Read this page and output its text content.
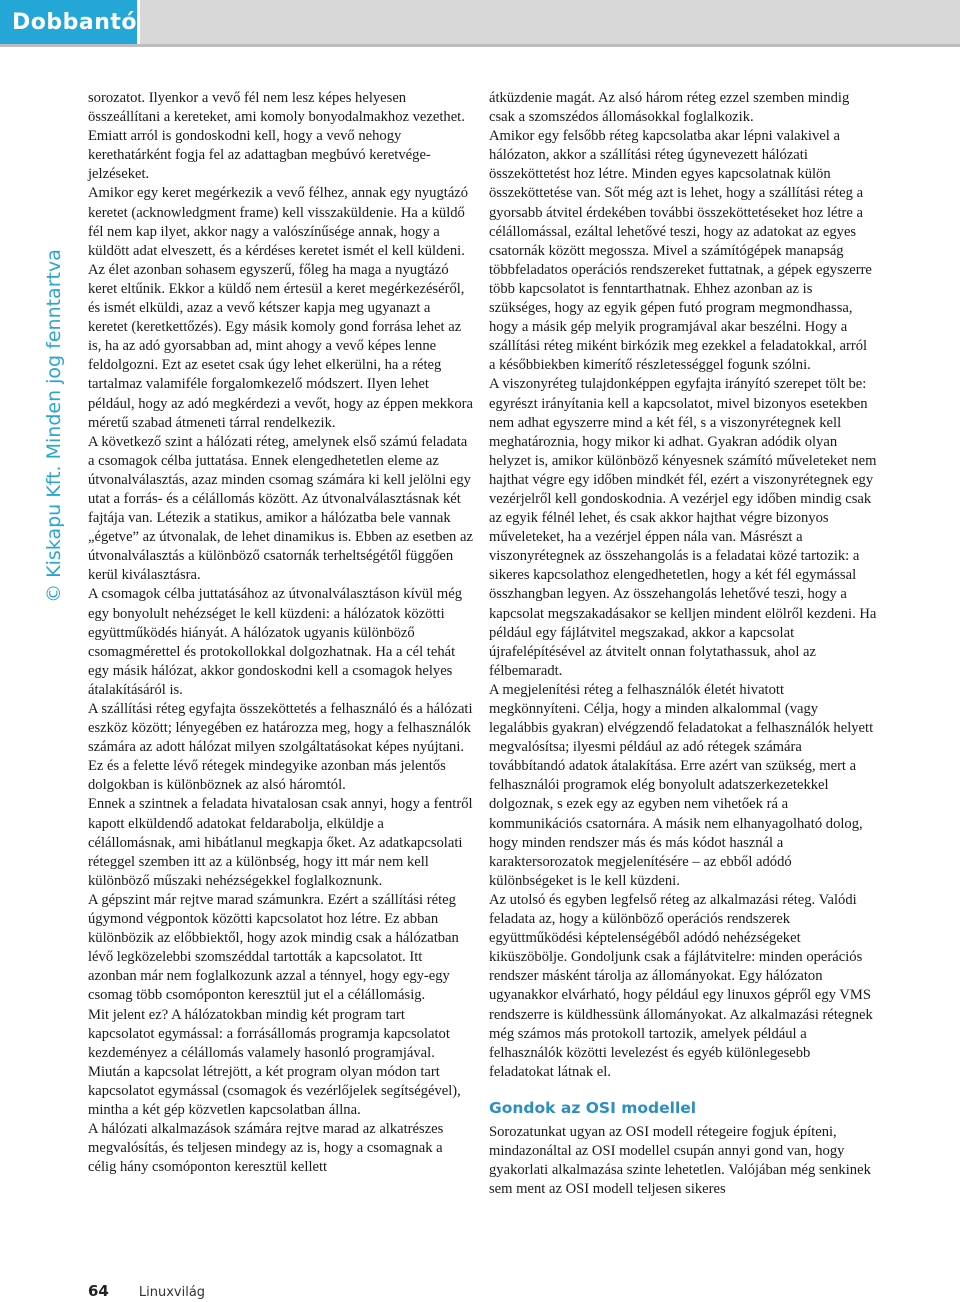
Dobbantó
© Kiskapu Kft. Minden jog fenntartva

sorozatot. Ilyenkor a vevő fél nem lesz képes helyesen összeállítani a kereteket, ami komoly bonyodalmakhoz vezethet. Emiatt arról is gondoskodni kell, hogy a vevő nehogy kerethatárként fogja fel az adattagban megbúvó keretvége-jelzéseket.

Amikor egy keret megérkezik a vevő félhez, annak egy nyugtázó keretet (acknowledgment frame) kell visszaküldenie. Ha a küldő fél nem kap ilyet, akkor nagy a valószínűsége annak, hogy a küldött adat elveszett, és a kérdéses keretet ismét el kell küldeni. Az élet azonban sohasem egyszerű, főleg ha maga a nyugtázó keret eltűnik. Ekkor a küldő nem értesül a keret megérkezéséről, és ismét elküldi, azaz a vevő kétszer kapja meg ugyanazt a keretet (keretkettőzés). Egy másik komoly gond forrása lehet az is, ha az adó gyorsabban ad, mint ahogy a vevő képes lenne feldolgozni. Ezt az esetet csak úgy lehet elkerülni, ha a réteg tartalmaz valamiféle forgalomkezelő módszert. Ilyen lehet például, hogy az adó megkérdezi a vevőt, hogy az éppen mekkora méretű szabad átmeneti tárral rendelkezik.

A következő szint a hálózati réteg, amelynek első számú feladata a csomagok célba juttatása. Ennek elengedhetetlen eleme az útvonalválasztás, azaz minden csomag számára ki kell jelölni egy utat a forrás- és a célállomás között. Az útvonalválasztásnak két fajtája van. Létezik a statikus, amikor a hálózatba bele vannak „égetve” az útvonalak, de lehet dinamikus is. Ebben az esetben az útvonalválasztás a különböző csatornák terheltségétől függően kerül kiválasztásra.

A csomagok célba juttatásához az útvonalválasztáson kívül még egy bonyolult nehézséget le kell küzdeni: a hálózatok közötti együttműködés hiányát. A hálózatok ugyanis különböző csomagmérettel és protokollokkal dolgozhatnak. Ha a cél tehát egy másik hálózat, akkor gondoskodni kell a csomagok helyes átalakításáról is.

A szállítási réteg egyfajta összeköttetés a felhasználó és a hálózati eszköz között; lényegében ez határozza meg, hogy a felhasználók számára az adott hálózat milyen szolgáltatásokat képes nyújtani. Ez és a felette lévő rétegek mindegyike azonban más jelentős dolgokban is különböznek az alsó háromtól.

Ennek a szintnek a feladata hivatalosan csak annyi, hogy a fentről kapott elküldendő adatokat feldarabolja, elküldje a célállomásnak, ami hibátlanul megkapja őket. Az adatkapcsolati réteggel szemben itt az a különbség, hogy itt már nem kell különböző műszaki nehézségekkel foglalkoznunk.

A gépszint már rejtve marad számunkra. Ezért a szállítási réteg úgymond végpontok közötti kapcsolatot hoz létre. Ez abban különbözik az előbbiektől, hogy azok mindig csak a hálózatban lévő legközelebbi szomszéddal tartották a kapcsolatot. Itt azonban már nem foglalkozunk azzal a ténnyel, hogy egy-egy csomag több csomóponton keresztül jut el a célállomásig.

Mit jelent ez? A hálózatokban mindig két program tart kapcsolatot egymással: a forrásállomás programja kapcsolatot kezdeményez a célállomás valamely hasonló programjával. Miután a kapcsolat létrejött, a két program olyan módon tart kapcsolatot egymással (csomagok és vezérlőjelek segítségével), mintha a két gép közvetlen kapcsolatban állna.

A hálózati alkalmazások számára rejtve marad az alkatrészes megvalósítás, és teljesen mindegy az is, hogy a csomagnak a célig hány csomóponton keresztül kellett

átküzdenie magát. Az alsó három réteg ezzel szemben mindig csak a szomszédos állomásokkal foglalkozik.

Amikor egy felsőbb réteg kapcsolatba akar lépni valakivel a hálózaton, akkor a szállítási réteg úgynevezett hálózati összeköttetést hoz létre. Minden egyes kapcsolatnak külön összeköttetése van. Sőt még azt is lehet, hogy a szállítási réteg a gyorsabb átvitel érdekében további összeköttetéseket hoz létre a célállomással, ezáltal lehetővé teszi, hogy az adatokat az egyes csatornák között megossza. Mivel a számítógépek manapság többfeladatos operációs rendszereket futtatnak, a gépek egyszerre több kapcsolatot is fenntarthatnak. Ehhez azonban az is szükséges, hogy az egyik gépen futó program megmondhassa, hogy a másik gép melyik programjával akar beszélni. Hogy a szállítási réteg miként birkózik meg ezekkel a feladatokkal, arról a későbbiekben kimerítő részletességgel fogunk szólni.

A viszonyréteg tulajdonképpen egyfajta irányító szerepet tölt be: egyrészt irányítania kell a kapcsolatot, mivel bizonyos esetekben nem adhat egyszerre mind a két fél, s a viszonyrétegnek kell meghatároznia, hogy mikor ki adhat. Gyakran adódik olyan helyzet is, amikor különböző kényesnek számító műveleteket nem hajthat végre egy időben mindkét fél, ezért a viszonyrétegnek egy vezérjelről kell gondoskodnia. A vezérjel egy időben mindig csak az egyik félnél lehet, és csak akkor hajthat végre bizonyos műveleteket, ha a vezérjel éppen nála van. Másrészt a viszonyrétegnek az összehangolás is a feladatai közé tartozik: a sikeres kapcsolathoz elengedhetetlen, hogy a két fél egymással összhangban legyen. Az összehangolás lehetővé teszi, hogy a kapcsolat megszakadásakor se kelljen mindent elölről kezdeni. Ha például egy fájlátvitel megszakad, akkor a kapcsolat újrafelépítésével az átvitelt onnan folytathassuk, ahol az félbemaradt.

A megjelenítési réteg a felhasználók életét hivatott megkönnyíteni. Célja, hogy a minden alkalommal (vagy legalábbis gyakran) elvégzendő feladatokat a felhasználók helyett megvalósítsa; ilyesmi például az adó rétegek számára továbbítandó adatok átalakítása. Erre azért van szükség, mert a felhasználói programok elég bonyolult adatszerkezetekkel dolgoznak, s ezek egy az egyben nem vihetőek rá a kommunikációs csatornára. A másik nem elhanyagolható dolog, hogy minden rendszer más és más kódot használ a karaktersorozatok megjelenítésére – az ebből adódó különbségeket is le kell küzdeni.

Az utolsó és egyben legfelső réteg az alkalmazási réteg. Valódi feladata az, hogy a különböző operációs rendszerek együttműködési képtelenségéből adódó nehézségeket kiküszöbölje. Gondoljunk csak a fájlátvitelre: minden operációs rendszer másként tárolja az állományokat. Egy hálózaton ugyanakkor elvárható, hogy például egy linuxos gépről egy VMS rendszerre is küldhessünk állományokat. Az alkalmazási rétegnek még számos más protokoll tartozik, amelyek például a felhasználók közötti levelezést és egyéb különlegesebb feladatokat látnak el.

Gondok az OSI modellel

Sorozatunkat ugyan az OSI modell rétegeire fogjuk építeni, mindazonáltal az OSI modellel csupán annyi gond van, hogy gyakorlati alkalmazása szinte lehetetlen. Valójában még senkinek sem ment az OSI modell teljesen sikeres

64 Linuxvilág
